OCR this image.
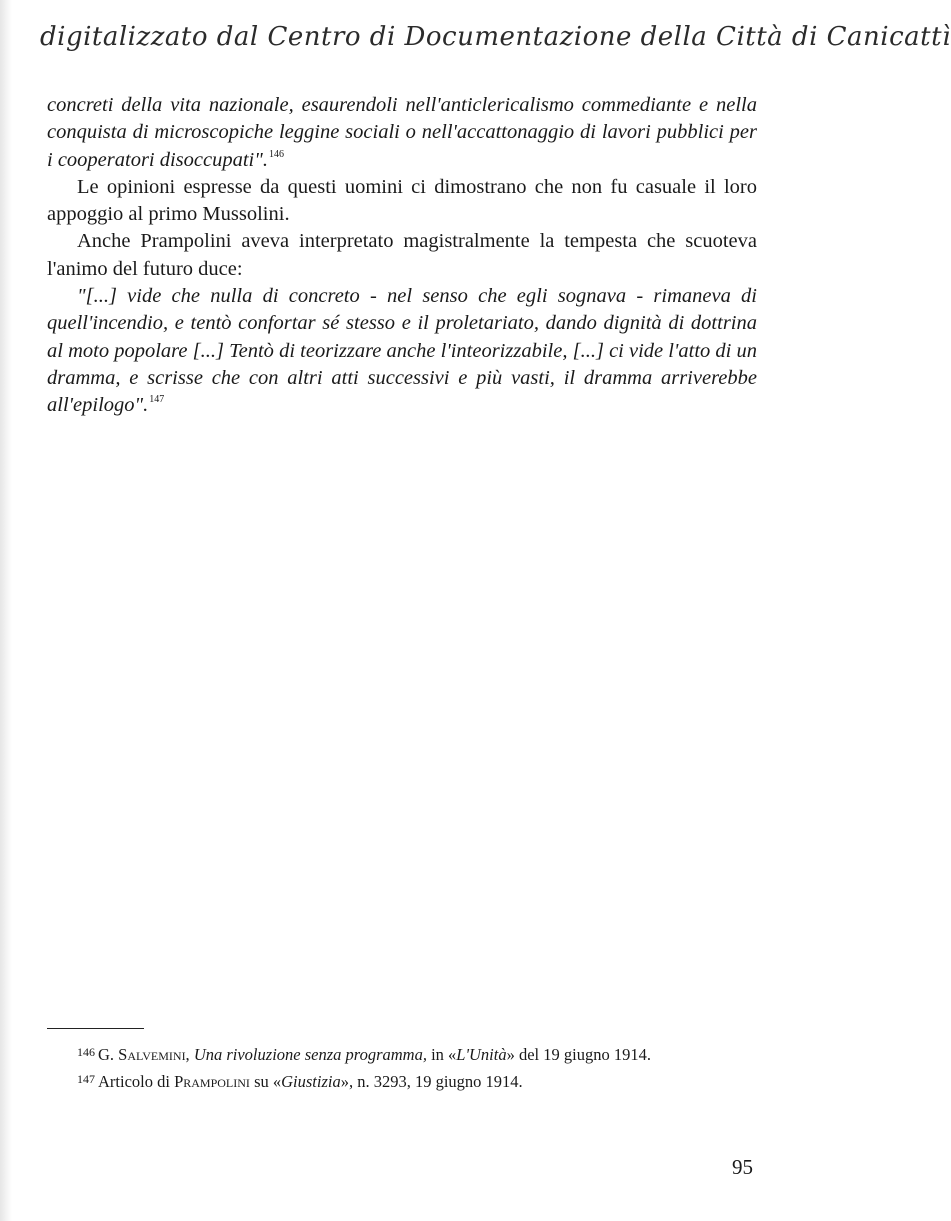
digitalizzato dal Centro di Documentazione della Città di Canicattì

concreti della vita nazionale, esaurendoli nell'anticlericalismo commediante e nella conquista di microscopiche leggine sociali o nell'accattonaggio di lavori pubblici per i cooperatori disoccupati".$^{146}$

Le opinioni espresse da questi uomini ci dimostrano che non fu casuale il loro appoggio al primo Mussolini.

Anche Prampolini aveva interpretato magistralmente la tempesta che scuoteva l'animo del futuro duce:

"[...] vide che nulla di concreto - nel senso che egli sognava - rimaneva di quell'incendio, e tentò confortar sé stesso e il proletariato, dando dignità di dottrina al moto popolare [...] Tentò di teorizzare anche l'inteorizzabile, [...] ci vide l'atto di un dramma, e scrisse che con altri atti successivi e più vasti, il dramma arriverebbe all'epilogo".$^{147}$

$^{146}$ G. Salvemini, Una rivoluzione senza programma, in «L'Unità» del 19 giugno 1914.

$^{147}$ Articolo di Prampolini su «Giustizia», n. 3293, 19 giugno 1914.

95
